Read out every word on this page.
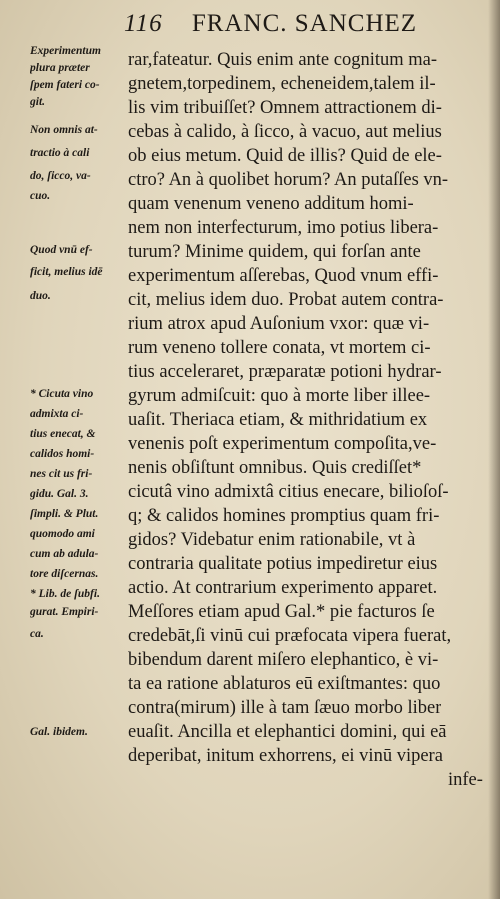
116 FRANC. SANCHEZ
rar,fateatur. Quis enim ante cognitum ma-
gnetem,torpedinem, echeneidem,talem il-
lis vim tribuiſſet? Omnem attractionem di-
cebas à calido, à ſicco, à vacuo, aut melius
ob eius metum. Quid de illis? Quid de ele-
ctro? An à quolibet horum? An putaſſes vn-
quam venenum veneno additum homi-
nem non interfecturum, imo potius libera-
turum? Minime quidem, qui forſan ante
experimentum aſſerebas, Quod vnum effi-
cit, melius idem duo. Probat autem contra-
rium atrox apud Auſonium vxor: quæ vi-
rum veneno tollere conata, vt mortem ci-
tius acceleraret, præparatæ potioni hydrar-
gyrum admiſcuit: quo à morte liber illee-
uaſit. Theriaca etiam, & mithridatium ex
venenis poſt experimentum compoſita,ve-
nenis obſiſtunt omnibus. Quis crediſſet*
cicutâ vino admixtâ citius enecare, bilioſoſ-
q; & calidos homines promptius quam fri-
gidos? Videbatur enim rationabile, vt à
contraria qualitate potius impediretur eius
actio. At contrarium experimento apparet.
Meſſores etiam apud Gal.* pie facturos ſe
credebāt,ſi vinū cui præfocata vipera fuerat,
bibendum darent miſero elephantico, è vi-
ta ea ratione ablaturos eū exiſtmantes: quo
contra(mirum) ille à tam ſæuo morbo liber
euaſit. Ancilla et elephantici domini, qui eā
deperibat, initum exhorrens, ei vinū vipera
infe-
Experimentum
plura præter
ſpem fateri co-
git.
Non omnis at-
tractio à cali
do, ſicco, va-
cuo.
Quod vnū ef-
ficit, melius idē
duo.
* Cicuta vino
admixta ci-
tius enecat, &
calidos homi-
nes cit us fri-
gidu. Gal. 3.
ſimpli. & Plut.
quomodo ami
cum ab adula-
tore diſcernas.
* Lib. de ſubfi.
gurat. Empiri-
ca.
Gal. ibidem.
